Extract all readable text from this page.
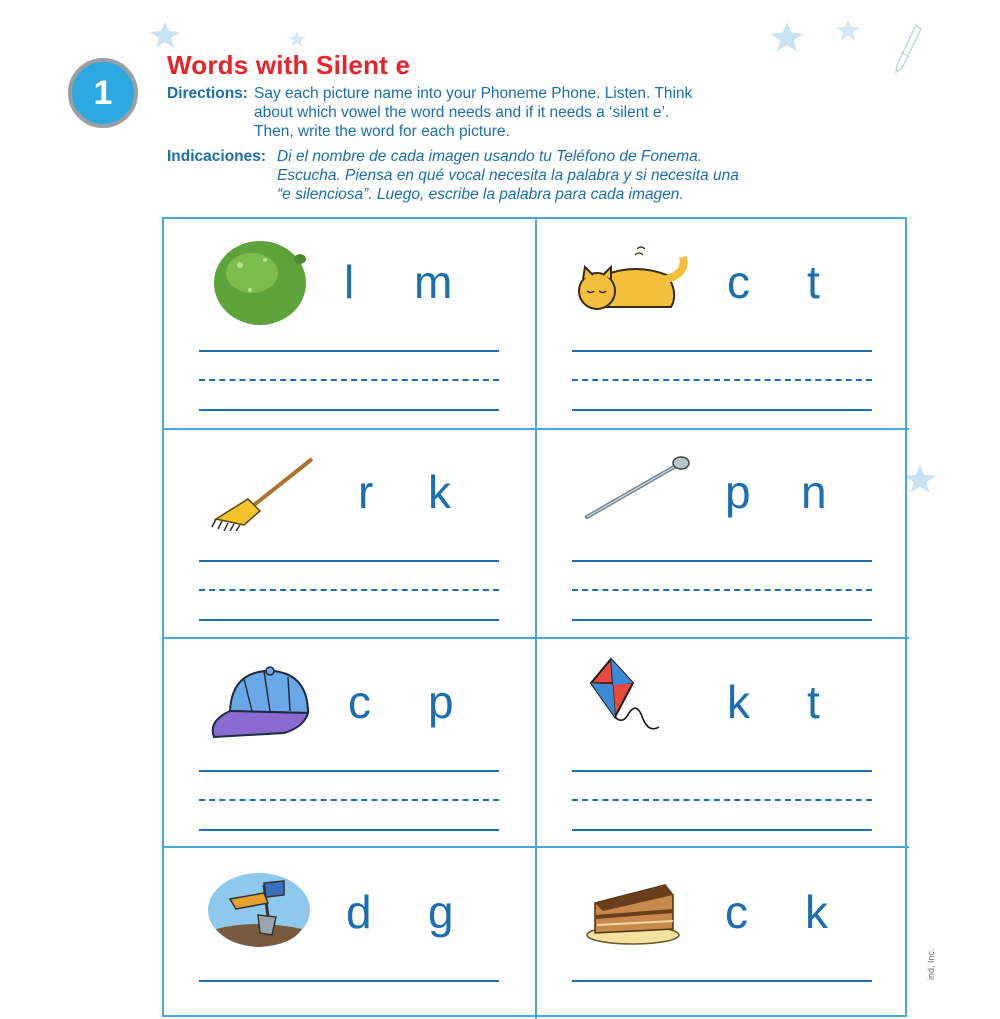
1
Words with Silent e
Directions: Say each picture name into your Phoneme Phone. Listen. Think
about which vowel the word needs and if it needs a ‘silent e’.
Then, write the word for each picture.
Indicaciones: Di el nombre de cada imagen usando tu Teléfono de Fonema.
Escucha. Piensa en qué vocal necesita la palabra y si necesita una
“e silenciosa”. Luego, escribe la palabra para cada imagen.
l m	c t
r k	p n
c p	k t
d g	c k
ind, Inc.
